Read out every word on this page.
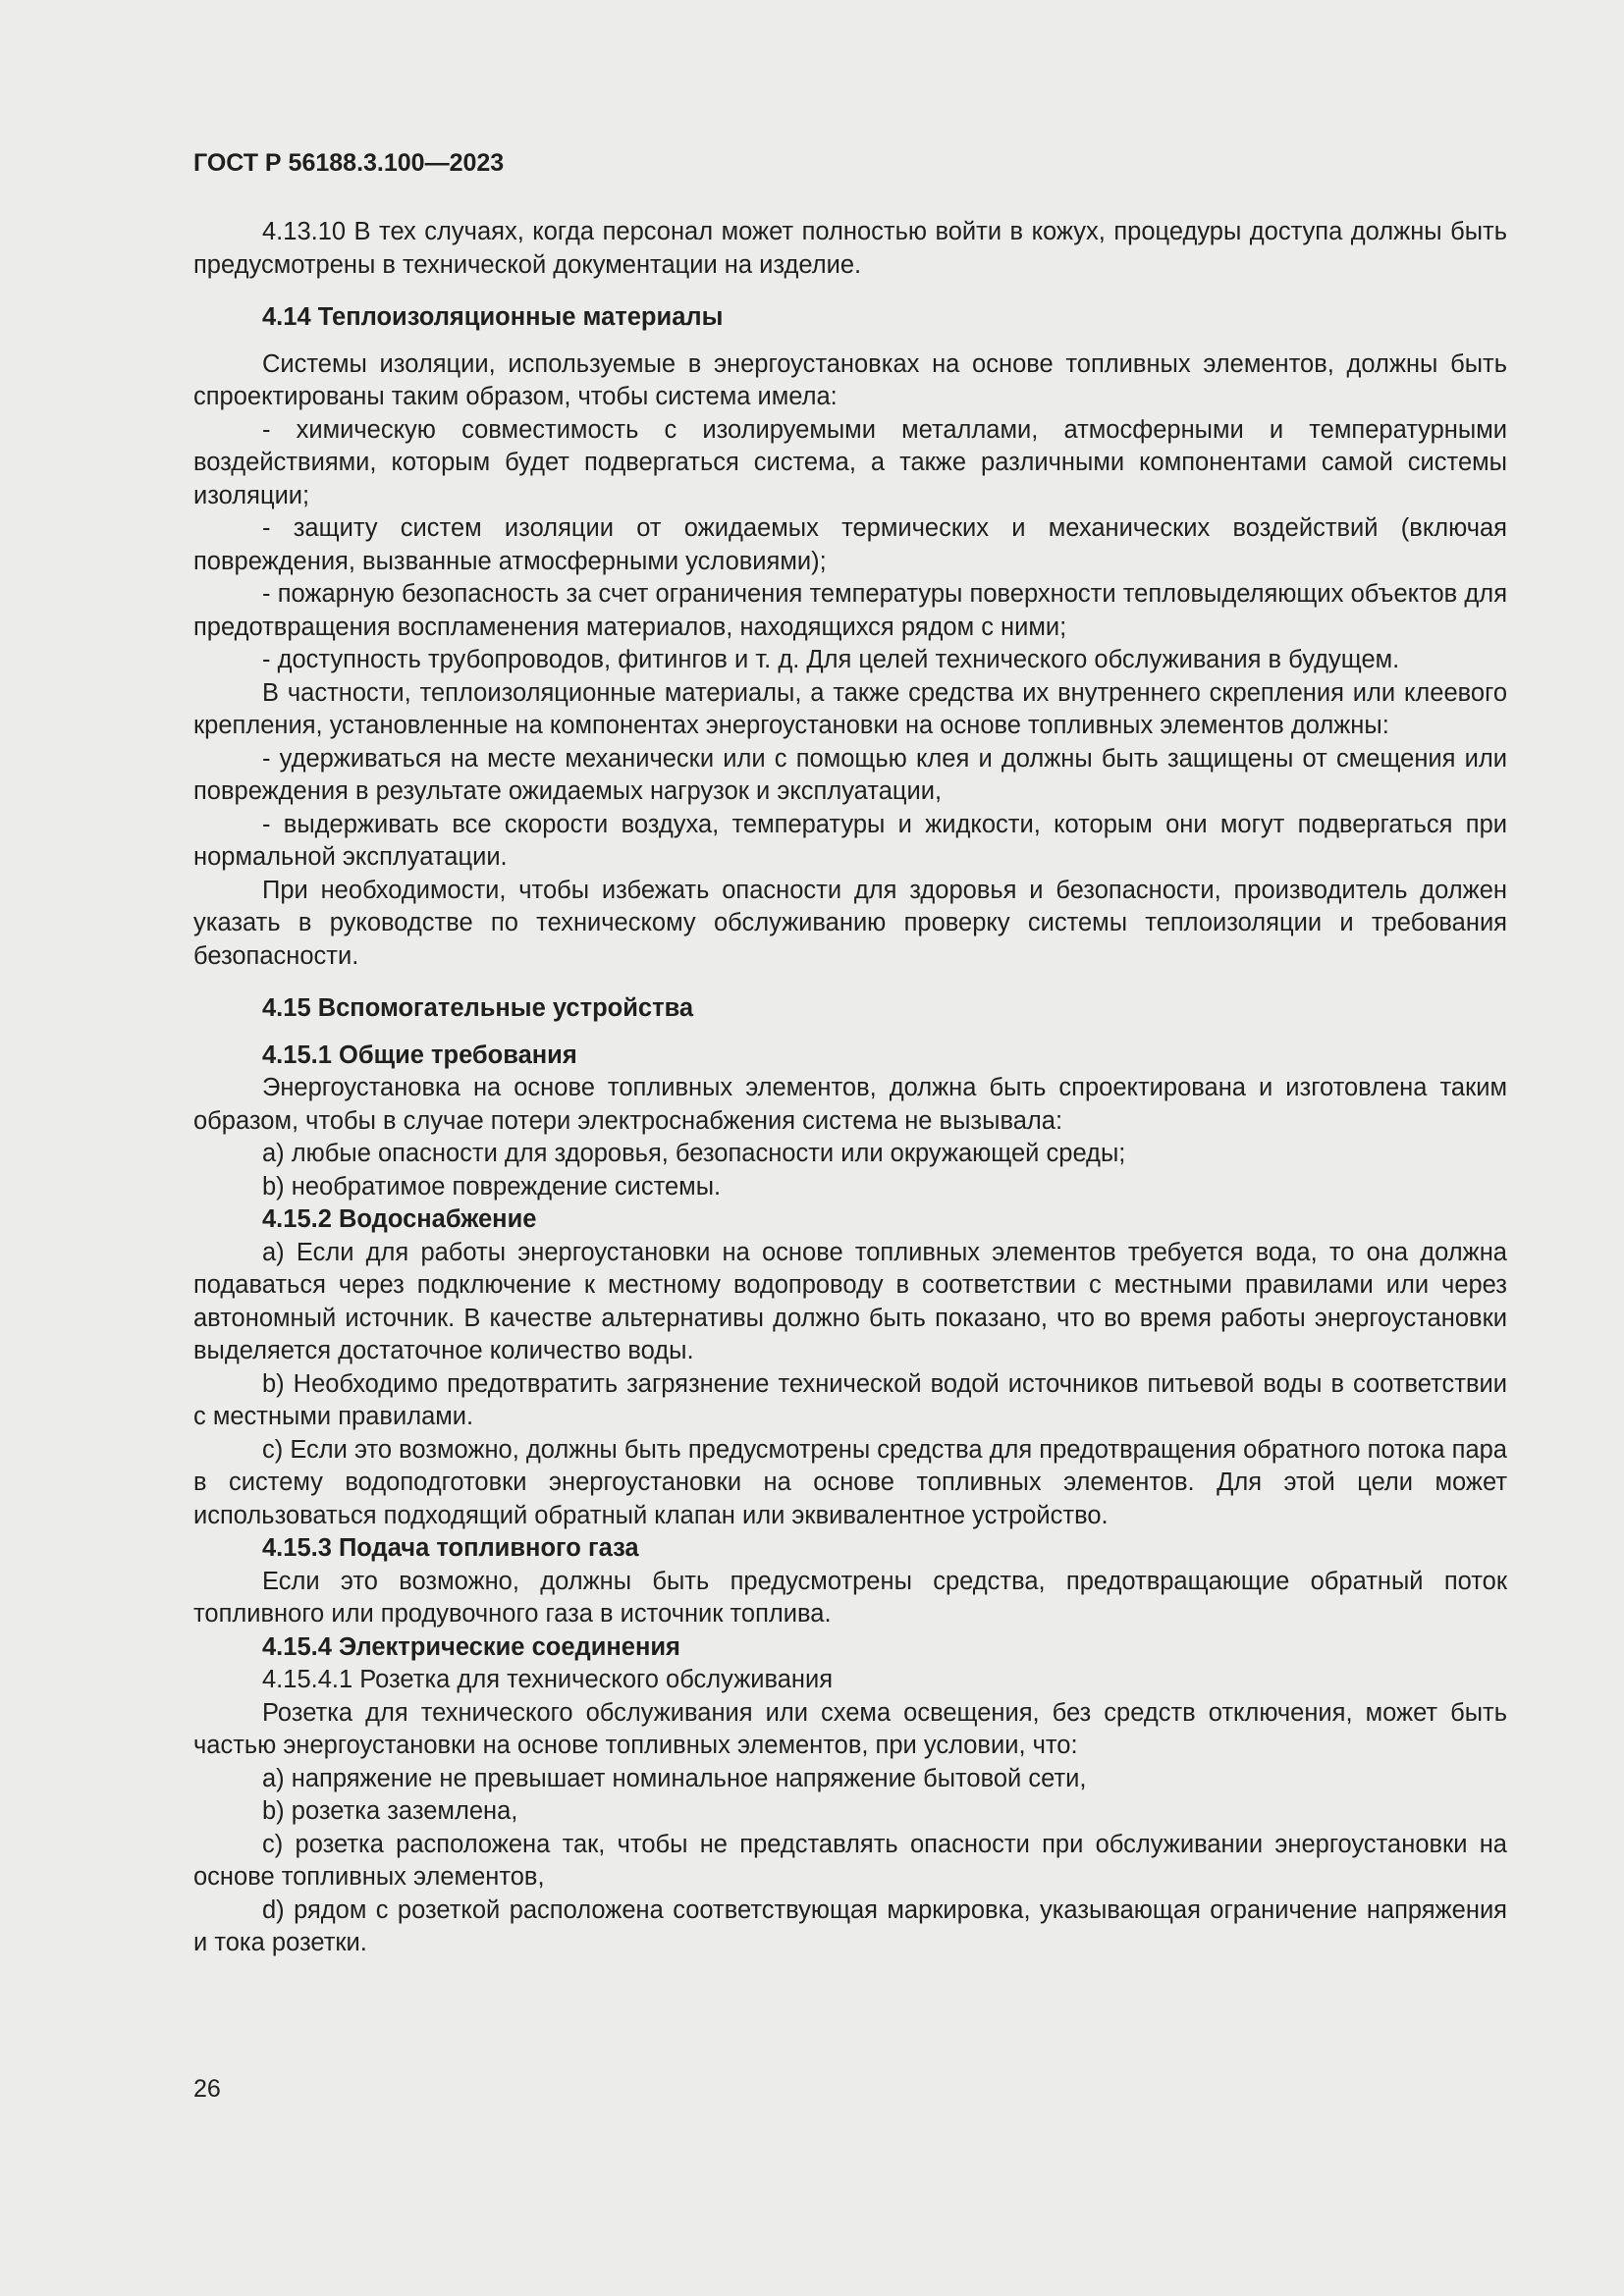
ГОСТ Р 56188.3.100—2023

4.13.10 В тех случаях, когда персонал может полностью войти в кожух, процедуры доступа должны быть предусмотрены в технической документации на изделие.

4.14 Теплоизоляционные материалы

Системы изоляции, используемые в энергоустановках на основе топливных элементов, должны быть спроектированы таким образом, чтобы система имела:

- химическую совместимость с изолируемыми металлами, атмосферными и температурными воздействиями, которым будет подвергаться система, а также различными компонентами самой системы изоляции;

- защиту систем изоляции от ожидаемых термических и механических воздействий (включая повреждения, вызванные атмосферными условиями);

- пожарную безопасность за счет ограничения температуры поверхности тепловыделяющих объектов для предотвращения воспламенения материалов, находящихся рядом с ними;

- доступность трубопроводов, фитингов и т. д. Для целей технического обслуживания в будущем.

В частности, теплоизоляционные материалы, а также средства их внутреннего скрепления или клеевого крепления, установленные на компонентах энергоустановки на основе топливных элементов должны:

- удерживаться на месте механически или с помощью клея и должны быть защищены от смещения или повреждения в результате ожидаемых нагрузок и эксплуатации,

- выдерживать все скорости воздуха, температуры и жидкости, которым они могут подвергаться при нормальной эксплуатации.

При необходимости, чтобы избежать опасности для здоровья и безопасности, производитель должен указать в руководстве по техническому обслуживанию проверку системы теплоизоляции и требования безопасности.

4.15 Вспомогательные устройства
4.15.1 Общие требования

Энергоустановка на основе топливных элементов, должна быть спроектирована и изготовлена таким образом, чтобы в случае потери электроснабжения система не вызывала:

a) любые опасности для здоровья, безопасности или окружающей среды;

b) необратимое повреждение системы.

4.15.2 Водоснабжение

a) Если для работы энергоустановки на основе топливных элементов требуется вода, то она должна подаваться через подключение к местному водопроводу в соответствии с местными правилами или через автономный источник. В качестве альтернативы должно быть показано, что во время работы энергоустановки выделяется достаточное количество воды.

b) Необходимо предотвратить загрязнение технической водой источников питьевой воды в соответствии с местными правилами.

c) Если это возможно, должны быть предусмотрены средства для предотвращения обратного потока пара в систему водоподготовки энергоустановки на основе топливных элементов. Для этой цели может использоваться подходящий обратный клапан или эквивалентное устройство.

4.15.3 Подача топливного газа

Если это возможно, должны быть предусмотрены средства, предотвращающие обратный поток топливного или продувочного газа в источник топлива.

4.15.4 Электрические соединения
4.15.4.1 Розетка для технического обслуживания

Розетка для технического обслуживания или схема освещения, без средств отключения, может быть частью энергоустановки на основе топливных элементов, при условии, что:

a) напряжение не превышает номинальное напряжение бытовой сети,

b) розетка заземлена,

c) розетка расположена так, чтобы не представлять опасности при обслуживании энергоустановки на основе топливных элементов,

d) рядом с розеткой расположена соответствующая маркировка, указывающая ограничение напряжения и тока розетки.

26
